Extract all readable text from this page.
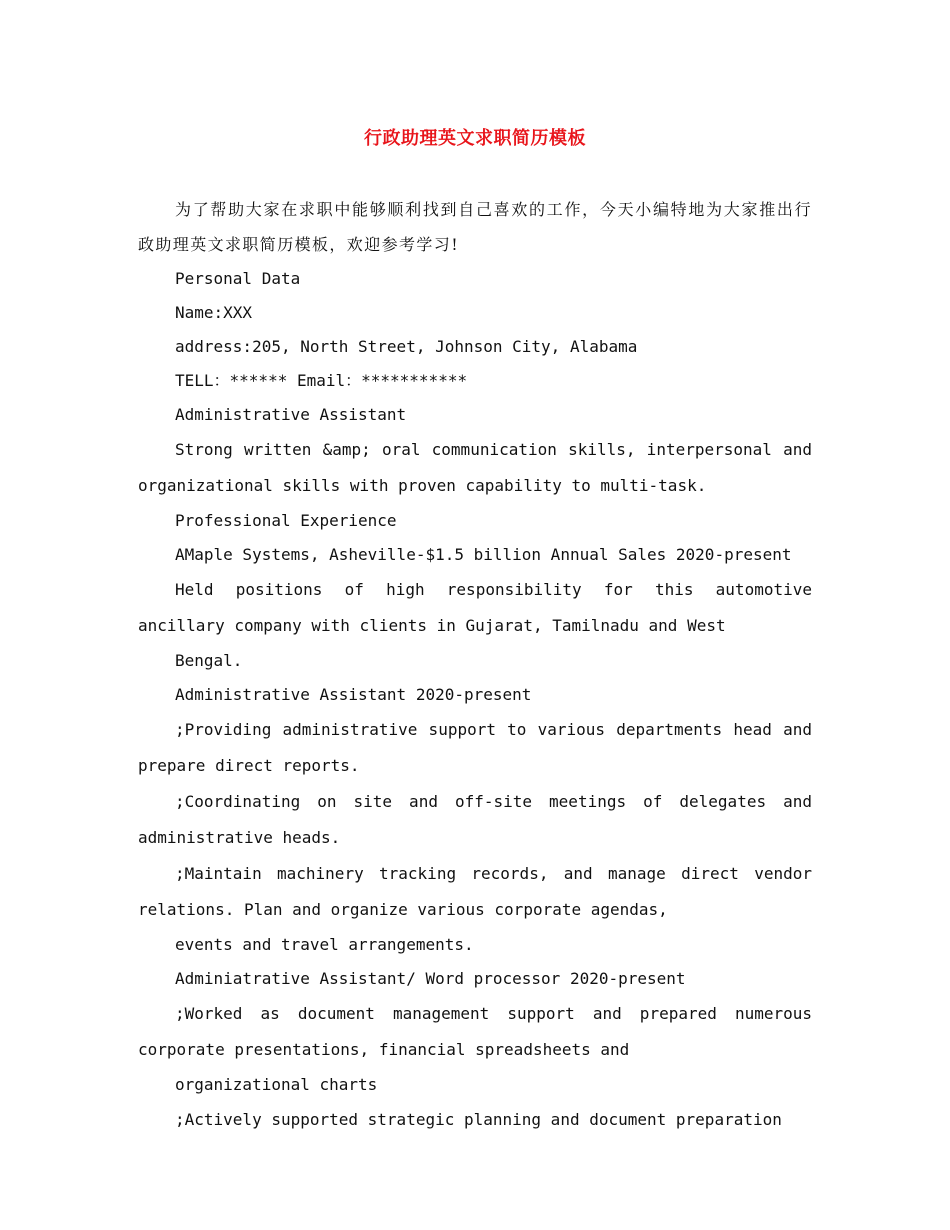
行政助理英文求职简历模板

为了帮助大家在求职中能够顺利找到自己喜欢的工作，今天小编特地为大家推出行政助理英文求职简历模板，欢迎参考学习!

Personal Data

Name:XXX

address:205, North Street, Johnson City, Alabama

TELL：****** Email：***********

Administrative Assistant

Strong written &amp; oral communication skills, interpersonal and organizational skills with proven capability to multi-task.

Professional Experience

AMaple Systems, Asheville-$1.5 billion Annual Sales 2020-present

Held positions of high responsibility for this automotive ancillary company with clients in Gujarat, Tamilnadu and West

Bengal.

Administrative Assistant 2020-present

;Providing administrative support to various departments head and prepare direct reports.

;Coordinating on site and off-site meetings of delegates and administrative heads.

;Maintain machinery tracking records, and manage direct vendor relations. Plan and organize various corporate agendas,

events and travel arrangements.

Adminiatrative Assistant/ Word processor 2020-present

;Worked as document management support and prepared numerous corporate presentations, financial spreadsheets and

organizational charts

;Actively supported strategic planning and document preparation
